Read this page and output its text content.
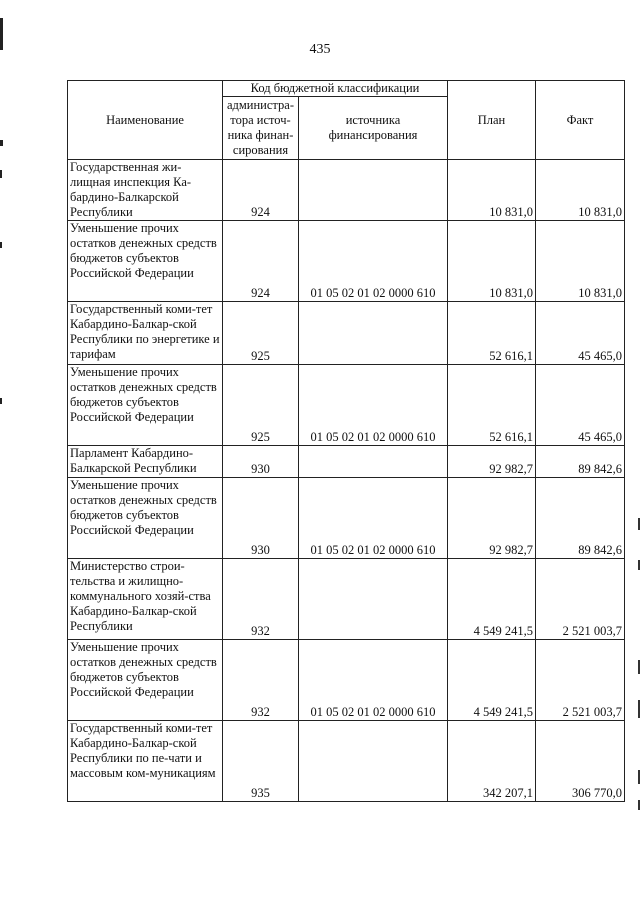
435
Наименование	Код бюджетной классификации		План	Факт
	администра-тора источ-ника финан-сирования	источника финансирования		
Государственная жи-лищная инспекция Ка-бардино-Балкарской Республики	924		10 831,0	10 831,0
Уменьшение прочих остатков денежных средств бюджетов субъектов Российской Федерации	924	01 05 02 01 02 0000 610	10 831,0	10 831,0
Государственный коми-тет Кабардино-Балкар-ской Республики по энергетике и тарифам	925		52 616,1	45 465,0
Уменьшение прочих остатков денежных средств бюджетов субъектов Российской Федерации	925	01 05 02 01 02 0000 610	52 616,1	45 465,0
Парламент Кабардино-Балкарской Республики	930		92 982,7	89 842,6
Уменьшение прочих остатков денежных средств бюджетов субъектов Российской Федерации	930	01 05 02 01 02 0000 610	92 982,7	89 842,6
Министерство строи-тельства и жилищно-коммунального хозяй-ства Кабардино-Балкар-ской Республики	932		4 549 241,5	2 521 003,7
Уменьшение прочих остатков денежных средств бюджетов субъектов Российской Федерации	932	01 05 02 01 02 0000 610	4 549 241,5	2 521 003,7
Государственный коми-тет Кабардино-Балкар-ской Республики по пе-чати и массовым ком-муникациям	935		342 207,1	306 770,0
